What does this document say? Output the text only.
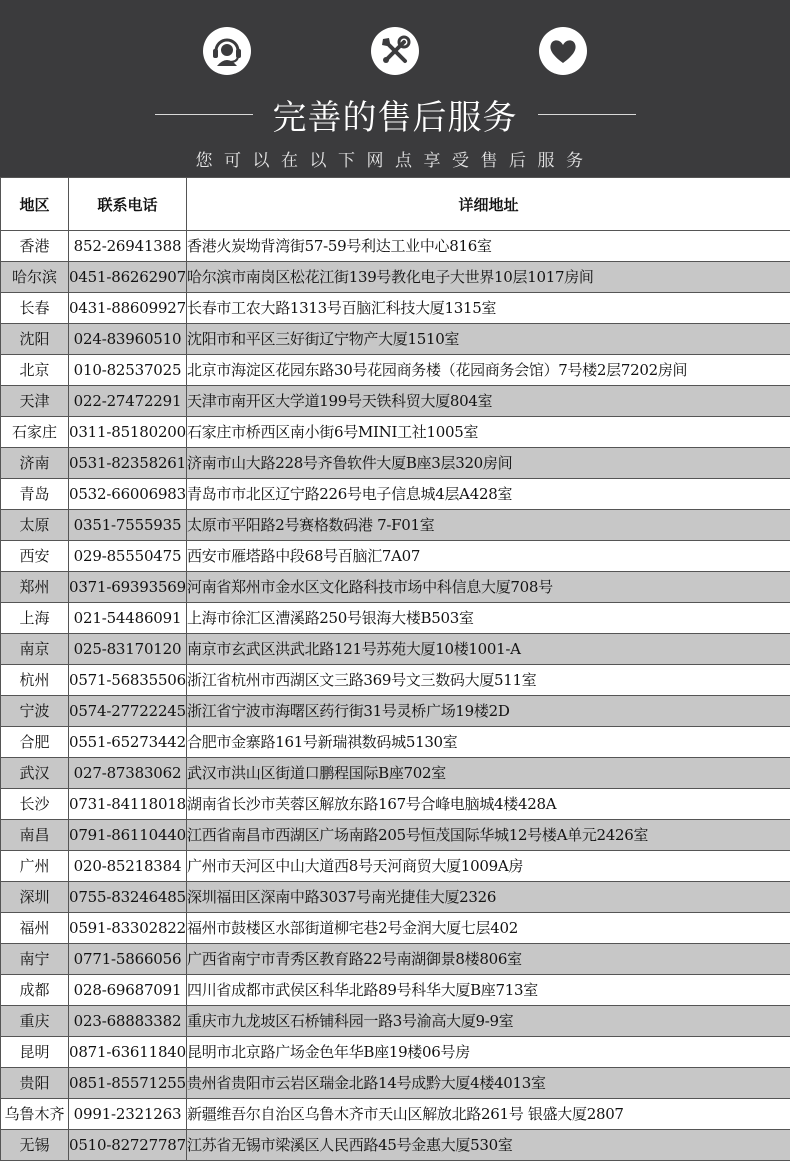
完善的售后服务
您可以在以下网点享受售后服务
地区	联系电话	详细地址
香港	852-26941388	香港火炭坳背湾街57-59号利达工业中心816室
哈尔滨	0451-86262907	哈尔滨市南岗区松花江街139号教化电子大世界10层1017房间
长春	0431-88609927	长春市工农大路1313号百脑汇科技大厦1315室
沈阳	024-83960510	沈阳市和平区三好街辽宁物产大厦1510室
北京	010-82537025	北京市海淀区花园东路30号花园商务楼（花园商务会馆）7号楼2层7202房间
天津	022-27472291	天津市南开区大学道199号天铁科贸大厦804室
石家庄	0311-85180200	石家庄市桥西区南小街6号MINI工社1005室
济南	0531-82358261	济南市山大路228号齐鲁软件大厦B座3层320房间
青岛	0532-66006983	青岛市市北区辽宁路226号电子信息城4层A428室
太原	0351-7555935	太原市平阳路2号赛格数码港 7-F01室
西安	029-85550475	西安市雁塔路中段68号百脑汇7A07
郑州	0371-69393569	河南省郑州市金水区文化路科技市场中科信息大厦708号
上海	021-54486091	上海市徐汇区漕溪路250号银海大楼B503室
南京	025-83170120	南京市玄武区洪武北路121号苏苑大厦10楼1001-A
杭州	0571-56835506	浙江省杭州市西湖区文三路369号文三数码大厦511室
宁波	0574-27722245	浙江省宁波市海曙区药行街31号灵桥广场19楼2D
合肥	0551-65273442	合肥市金寨路161号新瑞祺数码城5130室
武汉	027-87383062	武汉市洪山区街道口鹏程国际B座702室
长沙	0731-84118018	湖南省长沙市芙蓉区解放东路167号合峰电脑城4楼428A
南昌	0791-86110440	江西省南昌市西湖区广场南路205号恒茂国际华城12号楼A单元2426室
广州	020-85218384	广州市天河区中山大道西8号天河商贸大厦1009A房
深圳	0755-83246485	深圳福田区深南中路3037号南光捷佳大厦2326
福州	0591-83302822	福州市鼓楼区水部街道柳宅巷2号金润大厦七层402
南宁	0771-5866056	广西省南宁市青秀区教育路22号南湖御景8楼806室
成都	028-69687091	四川省成都市武侯区科华北路89号科华大厦B座713室
重庆	023-68883382	重庆市九龙坡区石桥铺科园一路3号渝高大厦9-9室
昆明	0871-63611840	昆明市北京路广场金色年华B座19楼06号房
贵阳	0851-85571255	贵州省贵阳市云岩区瑞金北路14号成黔大厦4楼4013室
乌鲁木齐	0991-2321263	新疆维吾尔自治区乌鲁木齐市天山区解放北路261号 银盛大厦2807
无锡	0510-82727787	江苏省无锡市梁溪区人民西路45号金惠大厦530室
